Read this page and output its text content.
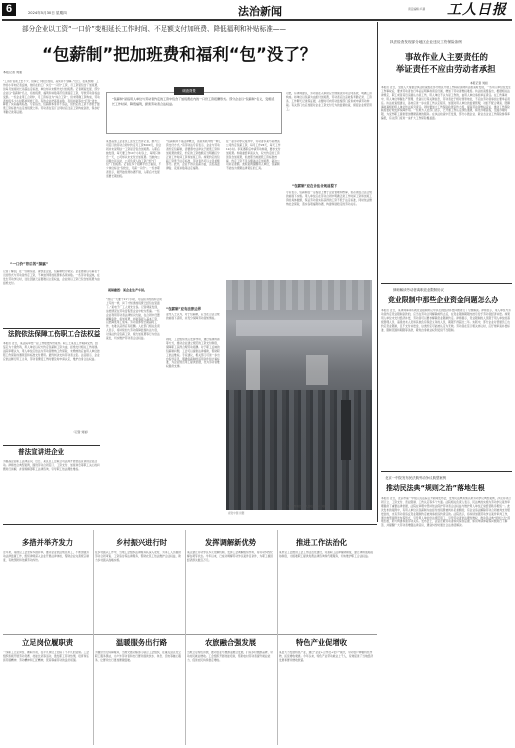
6	2024年5月30日 星期四	法治新闻	责任编辑:卢越 工人日报
部分企业以工资“一口价”变相延长工作时间、不足额支付加班费、降低福利和补贴标准——
“包薪制”把加班费和福利“包”没了？
本报记者 刘旭
“工资打包领上去不少，但算上节假日加班，其实并不划算。”近日，在某机械厂工作的小李向记者反映，他所在的工厂实行“一口价”工资，月工资里包含了加班费，但每月加班时长远超法定标准，单位却从未额外支付加班费。记者调查发现，部分企业以“包薪制”名义，将加班费、福利和补贴等打包进固定工资，导致劳动者权益受损。一些企业用工合同中，月工资标注为“综合工资”，但未明确工资构成，劳动者加班多少小时都拿同样工资。有的企业把高温补贴、夜班补贴等也“打包”进去，降低了实际福利标准。专家指出，包薪制本身并不违法，但约定的工资不得低于最低工资标准与法定加班费之和。劳动者在签订合同时应注意工资构成条款，保存好考勤记录等证据。
“一口价”背后的“猫腻”
记者了解到，在一些制造业、餐饮业企业，包薪制较为常见。企业通常以月薪若干元的形式与劳动者约定工资，不单独列明加班费和各项补贴。一些劳动者反映，在发生劳动争议时，往往因缺乏证据难以主张权益，企业则以工资已包含加班费为由拒绝支付。
法院依法保障工伤职工合法权益
本报讯 近日，某法院审结一起工伤赔偿纠纷案件。职工王某在工作期间受伤，经鉴定为十级伤残，用人单位以双方约定包薪制工资为由，拒绝支付相关工伤待遇。法院审理认为，用人单位应依法为劳动者缴纳工伤保险，未缴纳的应由用人单位按照工伤保险待遇项目和标准支付费用。最终判决支持劳动者主张。法官提示，企业应依法履行用工义务，劳动者遭受工伤时要及时申请认定，维护自身合法权益。
（记者 刘旭）
普法宣讲进企业
为提高企业职工法律意识，近日，某区总工会联合司法局开展普法宣讲进企业活动。律师结合典型案例，围绕劳动合同签订、工资支付、加班休息等职工关心的问题进行讲解，并现场解答职工法律咨询，引导职工依法理性维权。
“包薪制”是指用人单位与劳动者约定的工资中包含了加班费在内的一口价工资报酬形式。部分企业以“包薪制”名义，变相延长工作时间、降低福利，损害劳动者合法权益。
调查背景
某食品加工企业员工张女士告诉记者，她与公司签订的劳动合同中约定月工资5000元，但合同并未说明这一工资是否包含加班费。入职后她发现，每天要工作10个小时以上，每周只休息一天，公司却从未支付过加班费。当她向公司提出异议时，公司负责人称工资已经“打包”了加班费。记者在多个招聘平台上看到，不少岗位标注“包吃住，月薪一口价”。一些求职者表示，刚开始觉得待遇不错，入职后才发现需要长期加班。
“包薪制并不是法律概念，而是实践中的一种工资支付方式。”有劳动法专家表示，企业与劳动者约定包薪制，需要遵守法律关于最低工资和加班费的规定，约定的工资数额应当明确区分正常工作时间工资和加班工资。如果约定的包薪工资低于法定标准，劳动者仍可以主张差额部分。此外，企业不得以包薪为由，克扣高温津贴、夜班补贴等法定福利。
“包薪制”应有法律边界
业内人士认为，对于包薪制，应当在合法合规的前提下适用，并充分保障劳动者知情权。
在一起劳动争议案件中，劳动者李某与某物流公司约定包薪工资，每月工作26天，每天工作12小时。李某离职后申请劳动仲裁，要求支付加班费。仲裁委经审查认为，双方约定的工资虽包含加班费，但按照当地最低工资标准核算，约定工资不足以覆盖法定加班费，裁决公司补足差额。类似案例提醒用人单位，包薪制不能成为规避法律责任的工具。
视觉中国 供图
对此，有律师建议，劳动者在入职时应仔细阅读劳动合同条款，明确工资构成。如单位以包薪为由拒付加班费，劳动者应注意收集考勤记录、工资条、工作聊天记录等证据，必要时可向劳动监察部门投诉或申请劳动仲裁。有关部门也应加强对企业工资支付行为的监督检查，督促企业规范用工。
“包薪制”应在合法合规前提下
专家表示，包薪制在一定程度上便于企业管理和核算，但必须在合法合规的前提下实施。用人单位应在劳动合同中明确正常工作时间工资和加班工资的具体数额，保证劳动者实际获得的工资不低于法定标准，同时依法缴纳社会保险，落实各项福利待遇，构建和谐稳定的劳动关系。
视频截图：某企业生产车间。
“我们一天要干11个小时，月底到手的钱和合同上写的一样，问了才知道加班费已经包在里面了。”某电子厂工人刘先生说。记者调查发现，这类情况在劳动密集型企业中较为普遍。一些企业利用劳动者法律知识欠缺，在合同中设置模糊条款，将加班费、补贴等混入基本工资，以此降低用工成本。劳动者即使长期超时工作，也难以获得应有报酬。人社部门相关负责人表示，将持续加大劳动保障监察执法力度，对违法约定包薪工资、拖欠加班费等行为依法查处，切实维护劳动者合法权益。	同时，工会组织也应发挥作用，通过集体协商等方式，推动企业建立规范的工资支付制度，保障职工获得合理劳动报酬。对于职工反映的包薪制问题，工会可以提供法律援助，帮助职工依法维权。专家建议，相关部门可进一步出台指导意见，明确包薪制的适用条件和计算标准，为企业规范用工提供依据，也为劳动者维权提供支撑。
（图文转载自 工人日报 采写：刘旭）
执法检查发现部分地区企业违反工伤保险条例
事故作业人主要责任的
举证责任不应由劳动者承担
本报记者 刘旭
本报讯 近日，全国人大常委会执法检查组在部分地区开展工伤保险条例执法检查时发现，一些用人单位在发生工伤事故后，要求劳动者自行举证证明事故责任归属，增加了劳动者维权难度。执法检查组指出，根据相关法律规定，职工或者其近亲属认为是工伤，用人单位不认为是工伤的，由用人单位承担举证责任。在工伤事故中，用人单位掌握生产管理、设备运行等关键信息，劳动者处于相对弱势地位，不应由劳动者承担主要举证责任。执法检查组建议，各地应进一步完善工伤认定程序，加强对用人单位的监督管理，对拒不配合调查、隐瞒事故真相的用人单位依法追究责任。同时要加大工伤保险政策宣传力度，提高劳动者维权意识，推动工伤保险制度更好地发挥保障作用。一些地方人社部门表示，已开通工伤认定绿色通道，简化办理流程，压缩办理时限，为受伤职工提供更加便捷高效的服务。在执法检查中还发现，部分小微企业、新业态企业工伤保险参保率偏低，有关部门将进一步扩大工伤保险覆盖面。
律师解读劳动者离职竞业限制协议
竞业限制中那些企业资金问题怎么办
本报讯 近日，某律师事务所就竞业限制协议中涉及的经济补偿问题进行了专题解读。律师表示，用人单位与劳动者约定竞业限制条款的，应当在劳动合同解除或终止后，在竞业限制期限内按月给予劳动者经济补偿。如果用人单位未支付经济补偿，劳动者可以要求解除竞业限制约定。律师提示，竞业限制的人员限于用人单位的高级管理人员、高级技术人员和其他负有保密义务的人员，期限不得超过二年。实践中，部分企业对普通员工也约定竞业限制，且不支付补偿金，这类约定可能被认定为无效。劳动者在签订相关协议时，应仔细审查补偿标准、限制范围和期限等条款，避免自身就业权利受到不当限制。
北京一中院发布民法典劳动争议典型案例
推动民法典“规则之治”落地生根
本报讯 近日，北京市第一中级人民法院召开新闻发布会，发布民法典实施以来劳动争议典型案例，涉及劳动合同订立、工资支付、竞业限制、工伤认定等多个方面。法院相关负责人表示，民法典的实施为劳动争议案件审理提供了重要法律依据，法院在审理中坚持依法保护劳动者合法权益与维护用人单位正常经营秩序相统一。此次发布的案例中，有用人单位以包薪制为由拒付加班费被判补足差额的，有企业违法解除劳动合同被判支付赔偿金的，也有劳动者违反竞业限制约定被判承担违约责任的。法院表示，将持续加强劳动争议案件审判工作，通过典型案例发布等形式，引导用人单位依法规范用工，引导劳动者依法理性维权，推动民法典“规则之治”落地生根，助力构建和谐劳动关系。发布会上，法官还就劳动者如何保存证据、如何申请仲裁等问题进行了解答，并提醒广大劳动者增强法律意识，遇到纠纷时通过合法途径解决。
多措并举齐发力	乡村振兴进行时	发挥调解新优势	推进工作法治化
近年来，某地总工会坚持多措并举，推动企业依法规范用工，不断加强劳动法律监督工作，组织律师深入企业开展法律体检，帮助企业完善规章制度，有效预防和化解劳动纠纷。
在乡村振兴工作中，当地工会组织法律服务队深入农村，为务工人员提供劳动合同审查、工资追讨等法律服务，帮助农民工依法维护合法权益，助力乡村振兴战略实施。
某区建立劳动争议多元化解机制，发挥工会调解组织作用，将劳动纠纷化解在萌芽状态。今年以来，已成功调解劳动争议案件百余件，为职工挽回经济损失数百万元。
某市总工会推进工会工作法治化建设，完善职工法律援助制度，建立律师值班接待制度，为困难职工提供免费法律咨询和代理服务，切实维护职工合法权益。
立足岗位履职责	温暖服务出行路	农旅融合强发展	特色产业促增收
一线职工立足岗位、履职尽责，在平凡岗位上创造了不平凡的业绩。工会组织积极开展劳动竞赛、技能比武等活动，激发职工劳动热情，培育和弘扬劳模精神、劳动精神和工匠精神，营造尊重劳动的良好氛围。
为做好出行保障服务，当地交通运输部门联合工会组织，在重点站点设立职工服务驿站，为户外劳动者和出行群众提供饮水、休息、充电等暖心服务，让群众出行更加便捷温暖。
当地立足特色资源，推动农业与旅游业融合发展，打造乡村旅游品牌，带动村民就业增收。工会组织开展技能培训，帮助农村劳动者提升就业能力，促进农民持续稳定增收。
某县大力发展特色产业，通过“企业+合作社+农户”模式，带动农户种植特色作物，拓宽增收渠道。今年以来，特色产业带动就业上千人，有效促进了当地经济发展和群众增收致富。
